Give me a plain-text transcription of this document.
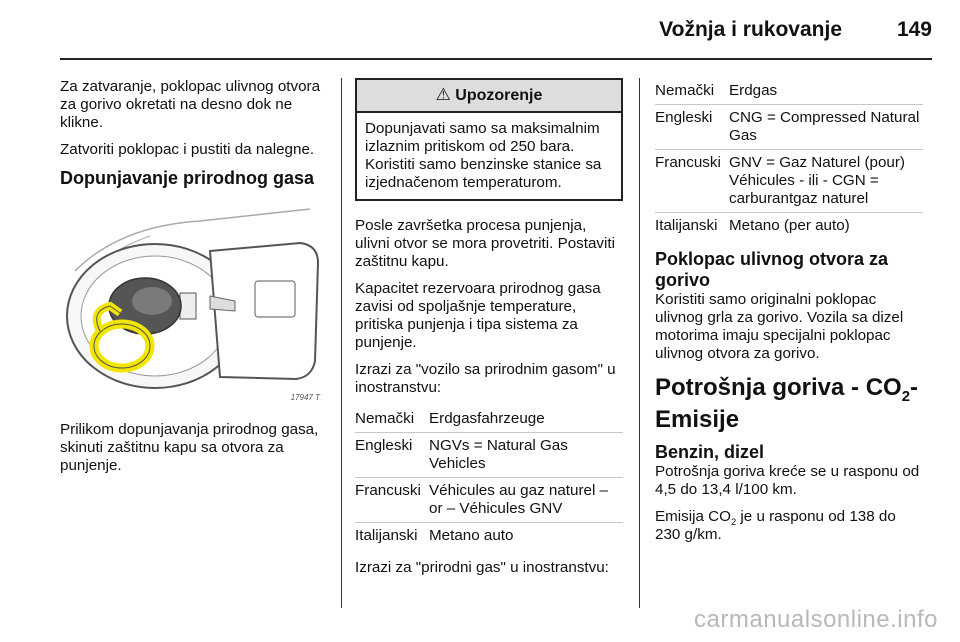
Vožnja i rukovanje	149

Za zatvaranje, poklopac ulivnog otvora za gorivo okretati na desno dok ne klikne.

Zatvoriti poklopac i pustiti da nalegne.

Dopunjavanje prirodnog gasa
17947 T

Prilikom dopunjavanja prirodnog gasa, skinuti zaštitnu kapu sa otvora za punjenje.

⚠ Upozorenje
Dopunjavati samo sa maksimalnim izlaznim pritiskom od 250 bara. Koristiti samo benzinske stanice sa izjednačenom temperaturom.

Posle završetka procesa punjenja, ulivni otvor se mora provetriti. Postaviti zaštitnu kapu.

Kapacitet rezervoara prirodnog gasa zavisi od spoljašnje temperature, pritiska punjenja i tipa sistema za punjenje.

Izrazi za "vozilo sa prirodnim gasom" u inostranstvu:

Nemački Erdgasfahrzeuge
Engleski	NGVs = Natural Gas Vehicles
Francuski Véhicules au gaz naturel – or – Véhicules GNV
Italijanski Metano auto

Izrazi za "prirodni gas" u inostranstvu:

Nemački Erdgas
Engleski	CNG = Compressed Natural Gas
Francuski GNV = Gaz Naturel (pour) Véhicules - ili - CGN = carburantgaz naturel
Italijanski Metano (per auto)
Poklopac ulivnog otvora za gorivo

Koristiti samo originalni poklopac ulivnog grla za gorivo. Vozila sa dizel motorima imaju specijalni poklopac ulivnog otvora za gorivo.

Potrošnja goriva - $CO_2-$
Emisije
Benzin, dizel

Potrošnja goriva kreće se u rasponu od 4,5 do 13,4 l/100 km.

Emisija $CO_2$ je u rasponu od 138 do 230 g/km.

carmanualsonline.info
